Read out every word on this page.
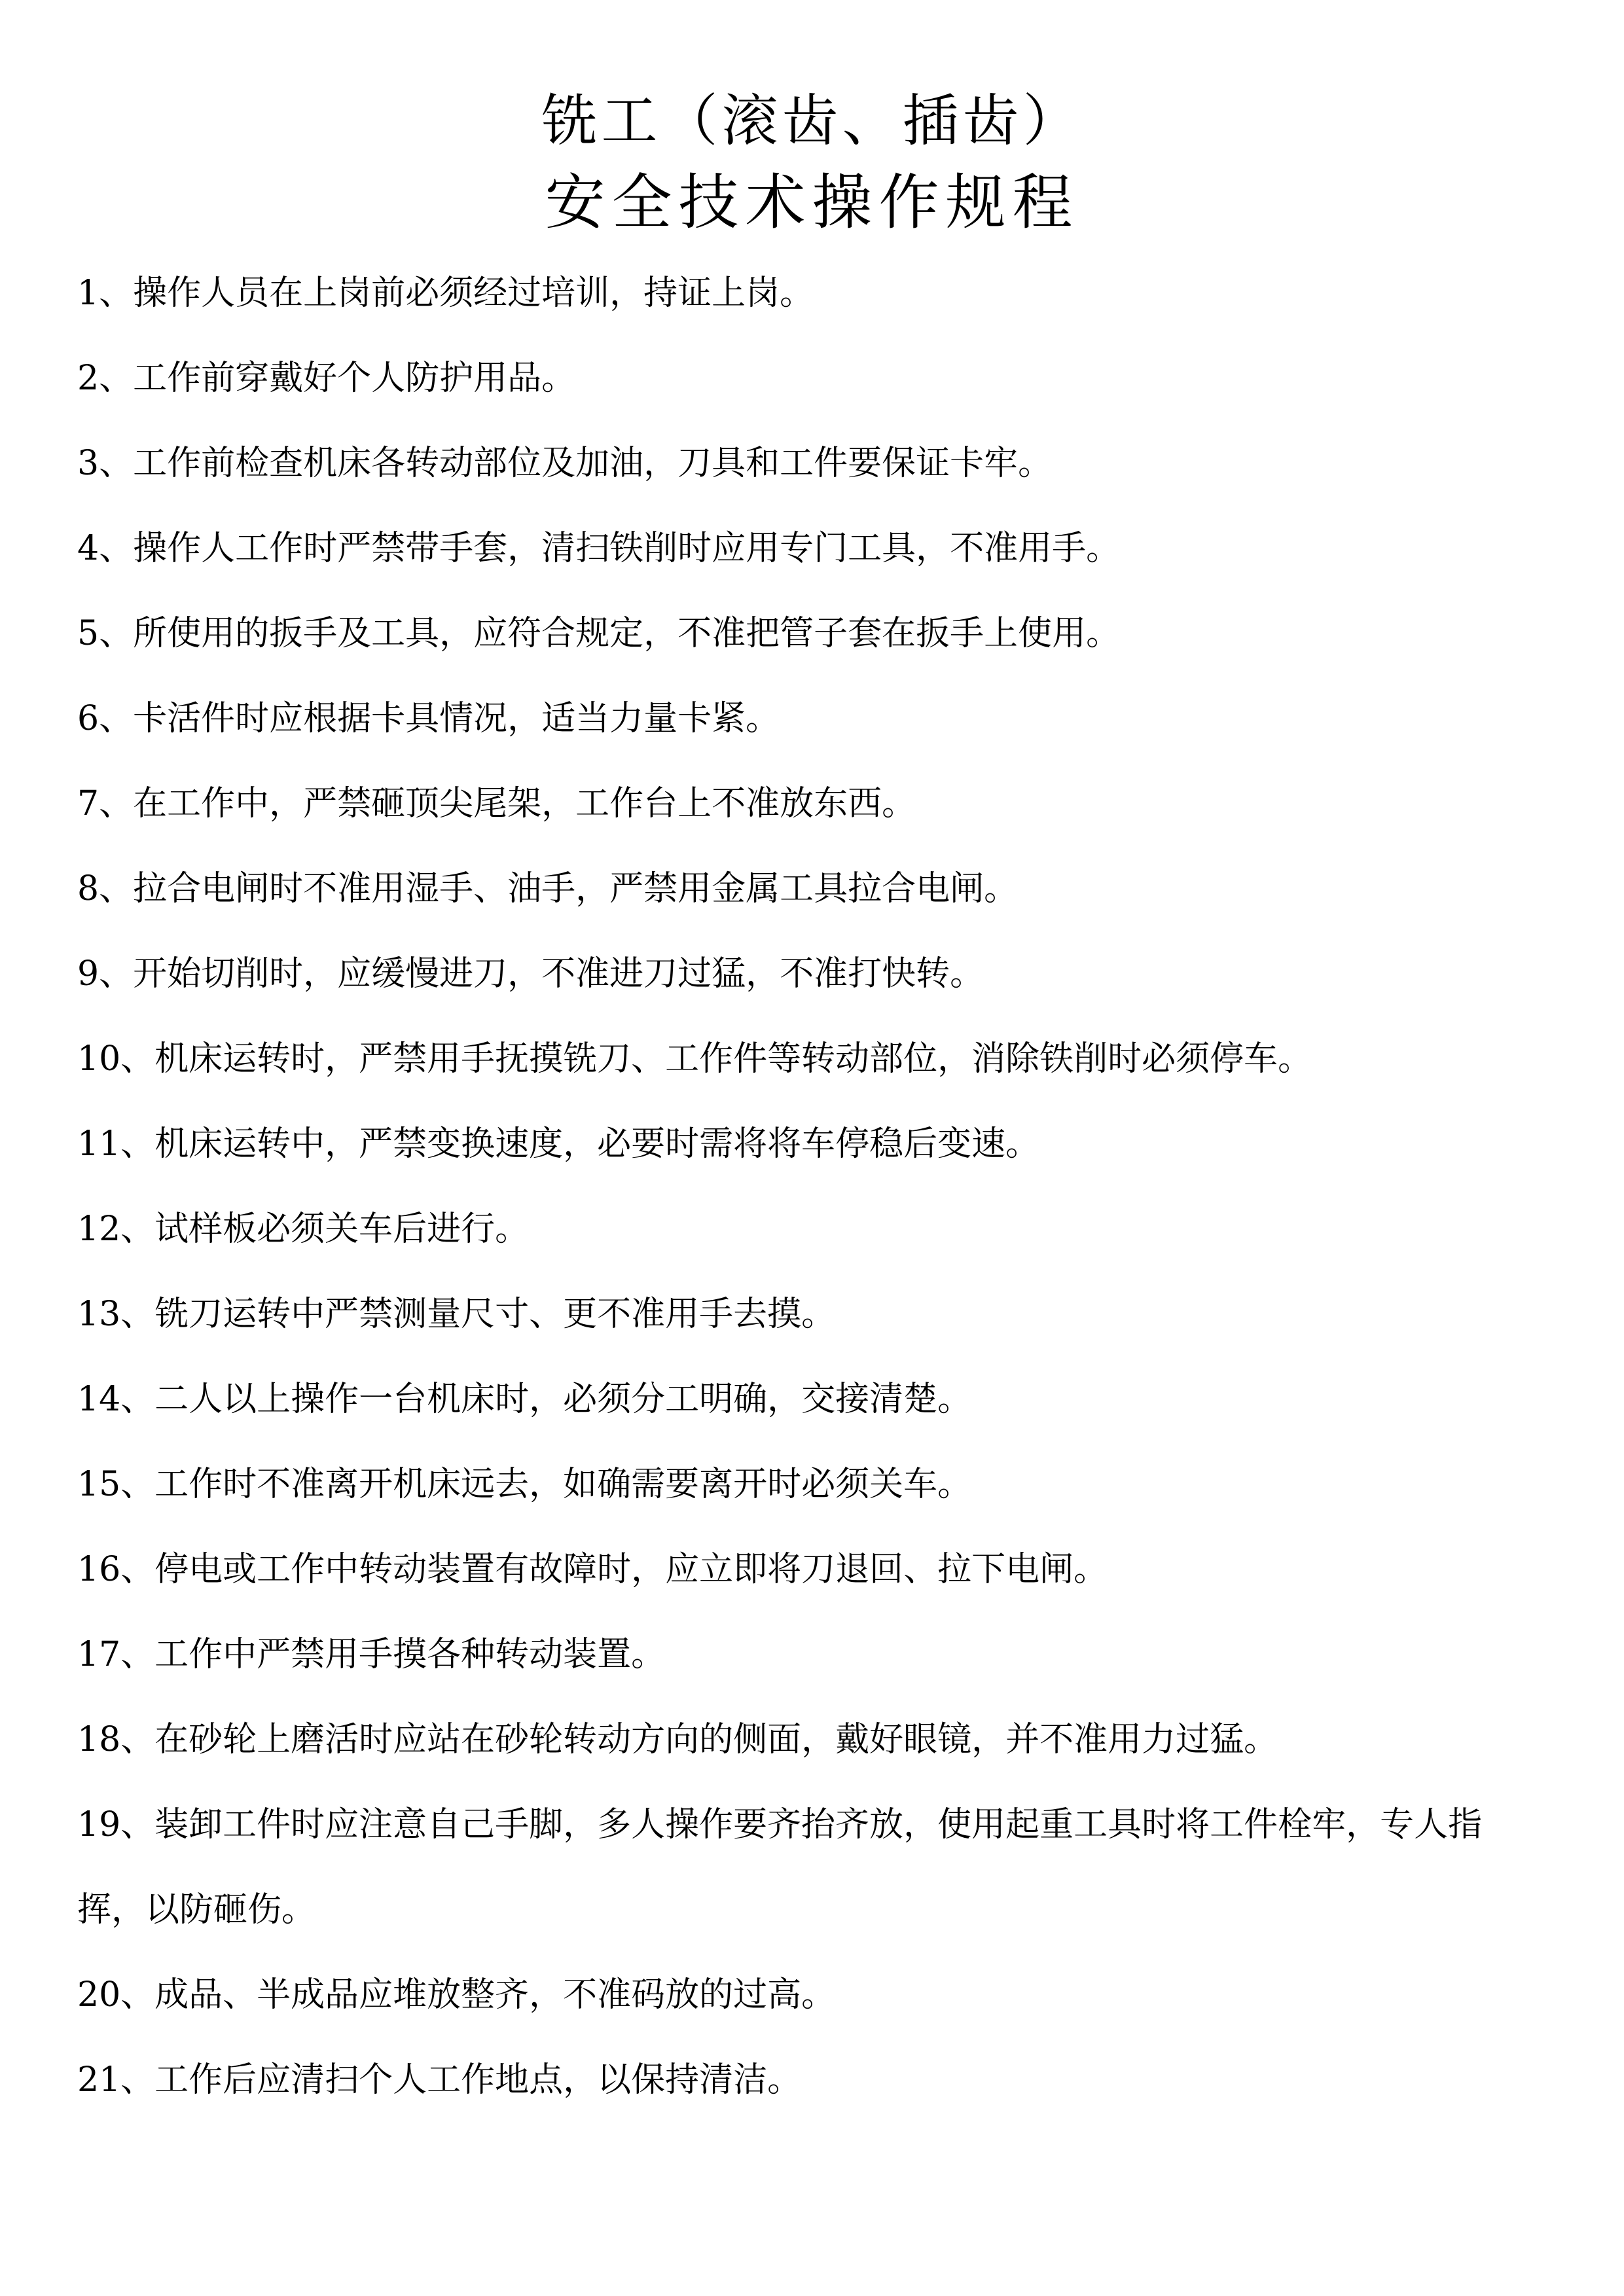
铣工（滚齿、插齿）
安全技术操作规程
1、操作人员在上岗前必须经过培训，持证上岗。
2、工作前穿戴好个人防护用品。
3、工作前检查机床各转动部位及加油，刀具和工件要保证卡牢。
4、操作人工作时严禁带手套，清扫铁削时应用专门工具，不准用手。
5、所使用的扳手及工具，应符合规定，不准把管子套在扳手上使用。
6、卡活件时应根据卡具情况，适当力量卡紧。
7、在工作中，严禁砸顶尖尾架，工作台上不准放东西。
8、拉合电闸时不准用湿手、油手，严禁用金属工具拉合电闸。
9、开始切削时，应缓慢进刀，不准进刀过猛，不准打快转。
10、机床运转时，严禁用手抚摸铣刀、工作件等转动部位，消除铁削时必须停车。
11、机床运转中，严禁变换速度，必要时需将将车停稳后变速。
12、试样板必须关车后进行。
13、铣刀运转中严禁测量尺寸、更不准用手去摸。
14、二人以上操作一台机床时，必须分工明确，交接清楚。
15、工作时不准离开机床远去，如确需要离开时必须关车。
16、停电或工作中转动装置有故障时，应立即将刀退回、拉下电闸。
17、工作中严禁用手摸各种转动装置。
18、在砂轮上磨活时应站在砂轮转动方向的侧面，戴好眼镜，并不准用力过猛。
19、装卸工件时应注意自己手脚，多人操作要齐抬齐放，使用起重工具时将工件栓牢，专人指挥，以防砸伤。
20、成品、半成品应堆放整齐，不准码放的过高。
21、工作后应清扫个人工作地点，以保持清洁。
